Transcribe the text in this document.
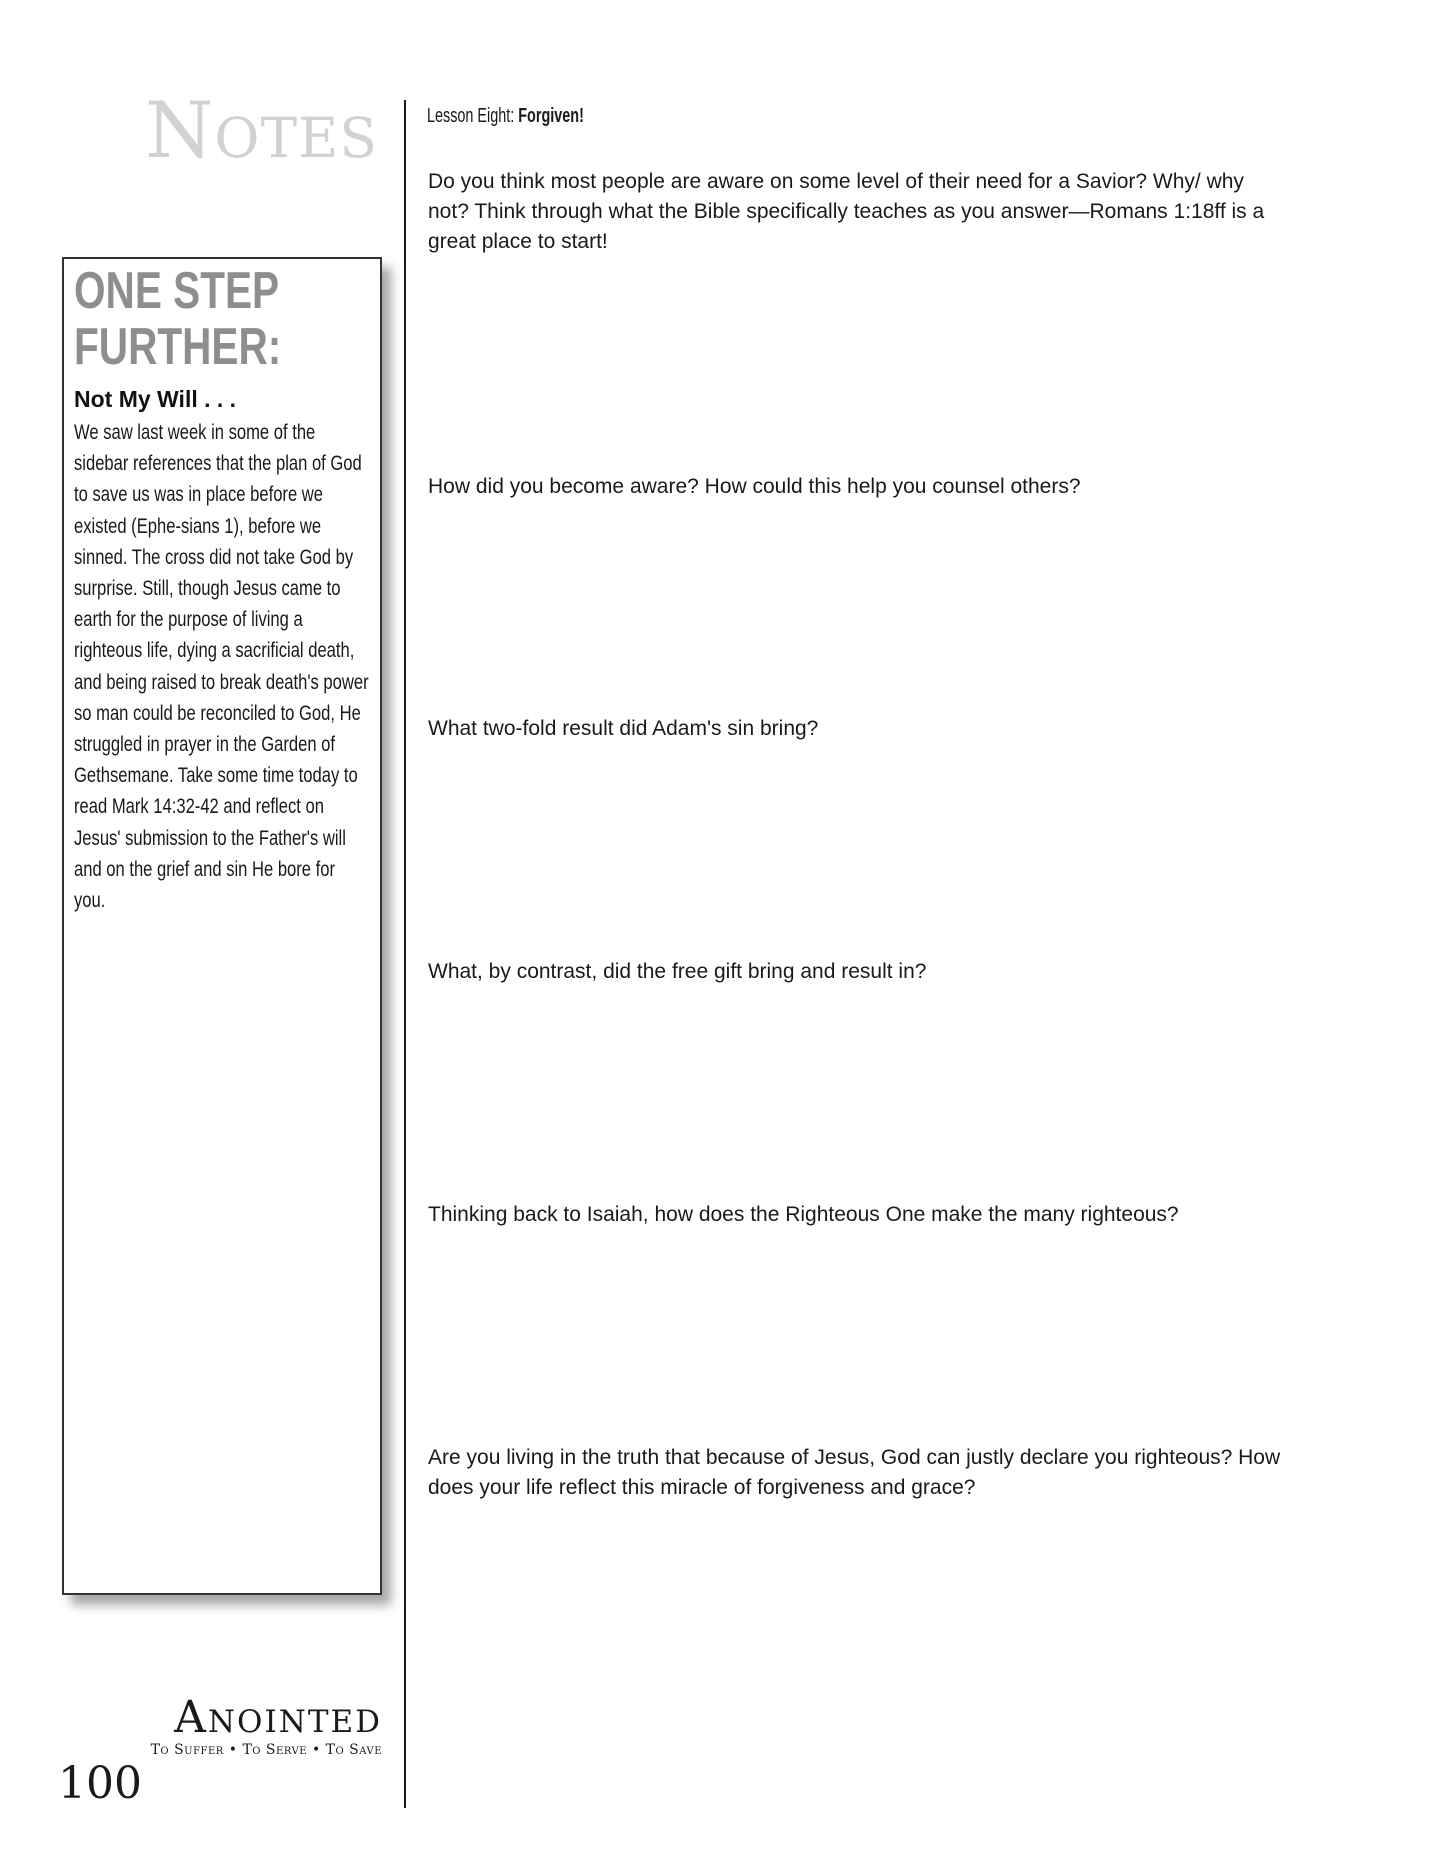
Notes
ONE STEP
FURTHER:
Not My Will . . .
We saw last week in some of the sidebar references that the plan of God to save us was in place before we existed (Ephe-sians 1), before we sinned. The cross did not take God by surprise. Still, though Jesus came to earth for the purpose of living a righteous life, dying a sacrificial death, and being raised to break death's power so man could be reconciled to God, He struggled in prayer in the Garden of Gethsemane. Take some time today to read Mark 14:32-42 and reflect on Jesus' submission to the Father's will and on the grief and sin He bore for you.
Anointed
To Suffer • To Serve • To Save
100
Lesson Eight: Forgiven!
Do you think most people are aware on some level of their need for a Savior? Why/ why not? Think through what the Bible specifically teaches as you answer—Romans 1:18ff is a great place to start!
How did you become aware? How could this help you counsel others?
What two-fold result did Adam's sin bring?
What, by contrast, did the free gift bring and result in?
Thinking back to Isaiah, how does the Righteous One make the many righteous?
Are you living in the truth that because of Jesus, God can justly declare you righteous? How does your life reflect this miracle of forgiveness and grace?
